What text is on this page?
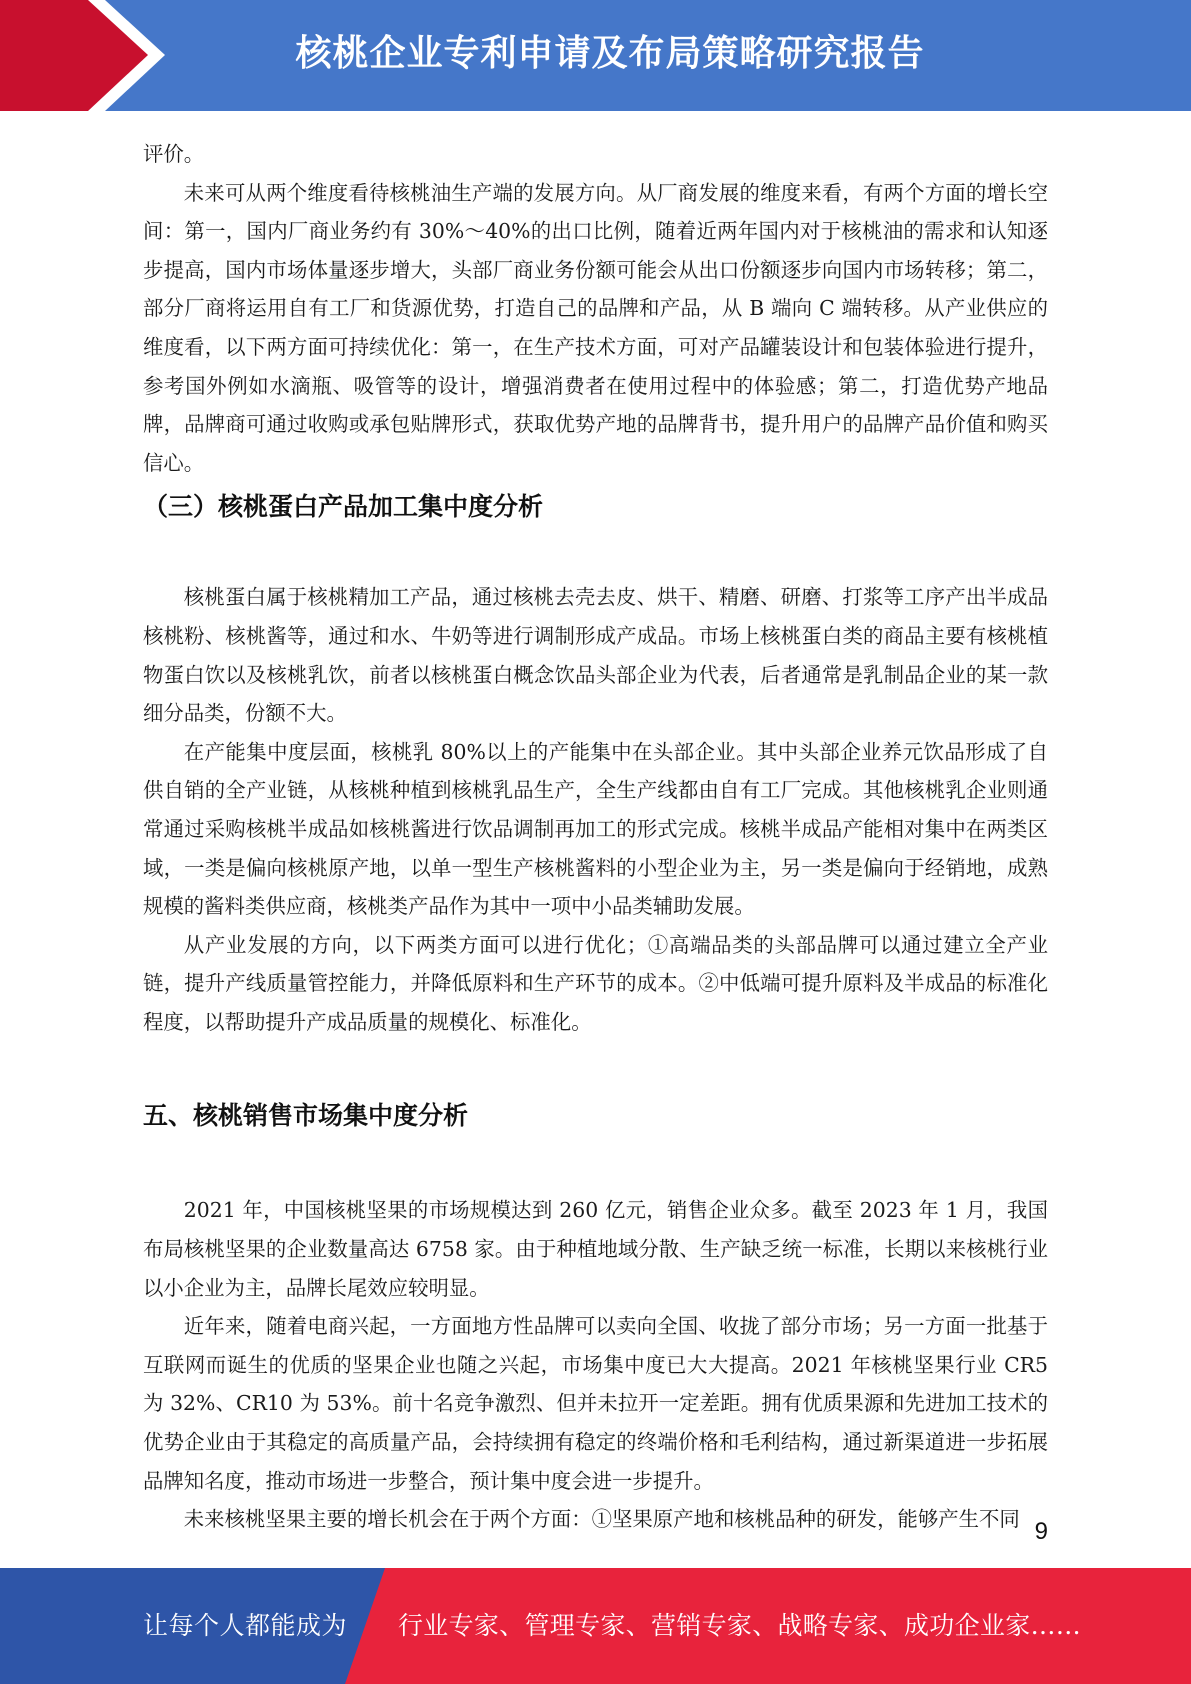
核桃企业专利申请及布局策略研究报告

评价。

未来可从两个维度看待核桃油生产端的发展方向。从厂商发展的维度来看，有两个方面的增长空间：第一，国内厂商业务约有 30%～40%的出口比例，随着近两年国内对于核桃油的需求和认知逐步提高，国内市场体量逐步增大，头部厂商业务份额可能会从出口份额逐步向国内市场转移；第二，部分厂商将运用自有工厂和货源优势，打造自己的品牌和产品，从 B 端向 C 端转移。从产业供应的维度看，以下两方面可持续优化：第一，在生产技术方面，可对产品罐装设计和包装体验进行提升，参考国外例如水滴瓶、吸管等的设计，增强消费者在使用过程中的体验感；第二，打造优势产地品牌，品牌商可通过收购或承包贴牌形式，获取优势产地的品牌背书，提升用户的品牌产品价值和购买信心。

（三）核桃蛋白产品加工集中度分析

核桃蛋白属于核桃精加工产品，通过核桃去壳去皮、烘干、精磨、研磨、打浆等工序产出半成品核桃粉、核桃酱等，通过和水、牛奶等进行调制形成产成品。市场上核桃蛋白类的商品主要有核桃植物蛋白饮以及核桃乳饮，前者以核桃蛋白概念饮品头部企业为代表，后者通常是乳制品企业的某一款细分品类，份额不大。

在产能集中度层面，核桃乳 80%以上的产能集中在头部企业。其中头部企业养元饮品形成了自供自销的全产业链，从核桃种植到核桃乳品生产，全生产线都由自有工厂完成。其他核桃乳企业则通常通过采购核桃半成品如核桃酱进行饮品调制再加工的形式完成。核桃半成品产能相对集中在两类区域，一类是偏向核桃原产地，以单一型生产核桃酱料的小型企业为主，另一类是偏向于经销地，成熟规模的酱料类供应商，核桃类产品作为其中一项中小品类辅助发展。

从产业发展的方向，以下两类方面可以进行优化；①高端品类的头部品牌可以通过建立全产业链，提升产线质量管控能力，并降低原料和生产环节的成本。②中低端可提升原料及半成品的标准化程度，以帮助提升产成品质量的规模化、标准化。

五、核桃销售市场集中度分析

2021 年，中国核桃坚果的市场规模达到 260 亿元，销售企业众多。截至 2023 年 1 月，我国布局核桃坚果的企业数量高达 6758 家。由于种植地域分散、生产缺乏统一标准，长期以来核桃行业以小企业为主，品牌长尾效应较明显。

近年来，随着电商兴起，一方面地方性品牌可以卖向全国、收拢了部分市场；另一方面一批基于互联网而诞生的优质的坚果企业也随之兴起，市场集中度已大大提高。2021 年核桃坚果行业 CR5 为 32%、CR10 为 53%。前十名竞争激烈、但并未拉开一定差距。拥有优质果源和先进加工技术的优势企业由于其稳定的高质量产品，会持续拥有稳定的终端价格和毛利结构，通过新渠道进一步拓展品牌知名度，推动市场进一步整合，预计集中度会进一步提升。

未来核桃坚果主要的增长机会在于两个方面：①坚果原产地和核桃品种的研发，能够产生不同 9
让每个人都能成为 行业专家、管理专家、营销专家、战略专家、成功企业家……
